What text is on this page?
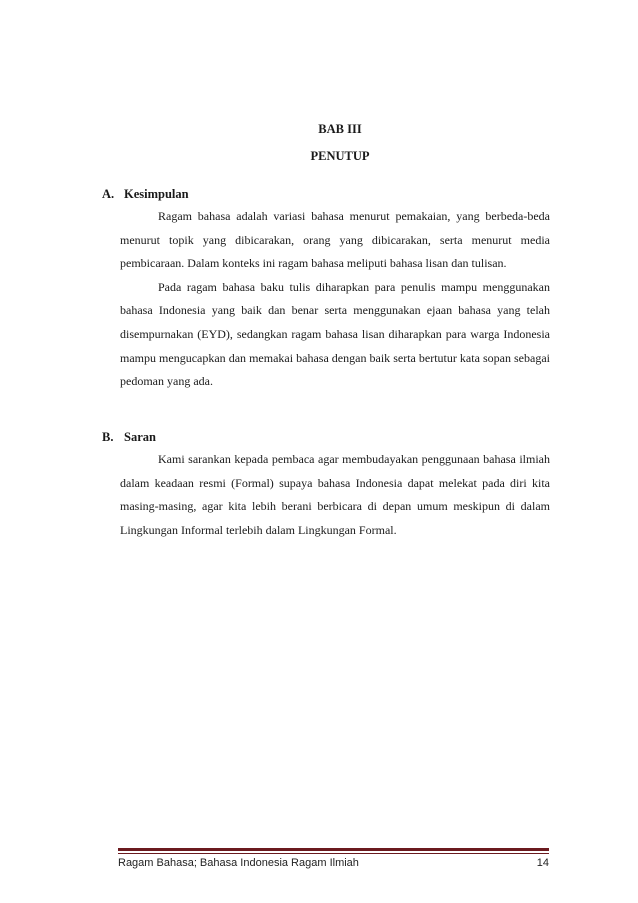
BAB III
PENUTUP
A. Kesimpulan

Ragam bahasa adalah variasi bahasa menurut pemakaian, yang berbeda-beda menurut topik yang dibicarakan, orang yang dibicarakan, serta menurut media pembicaraan. Dalam konteks ini ragam bahasa meliputi bahasa lisan dan tulisan.

Pada ragam bahasa baku tulis diharapkan para penulis mampu menggunakan bahasa Indonesia yang baik dan benar serta menggunakan ejaan bahasa yang telah disempurnakan (EYD), sedangkan ragam bahasa lisan diharapkan para warga Indonesia mampu mengucapkan dan memakai bahasa dengan baik serta bertutur kata sopan sebagai pedoman yang ada.

B. Saran

Kami sarankan kepada pembaca agar membudayakan penggunaan bahasa ilmiah dalam keadaan resmi (Formal) supaya bahasa Indonesia dapat melekat pada diri kita masing-masing, agar kita lebih berani berbicara di depan umum meskipun di dalam Lingkungan Informal terlebih dalam Lingkungan Formal.

Ragam Bahasa; Bahasa Indonesia Ragam Ilmiah	14
